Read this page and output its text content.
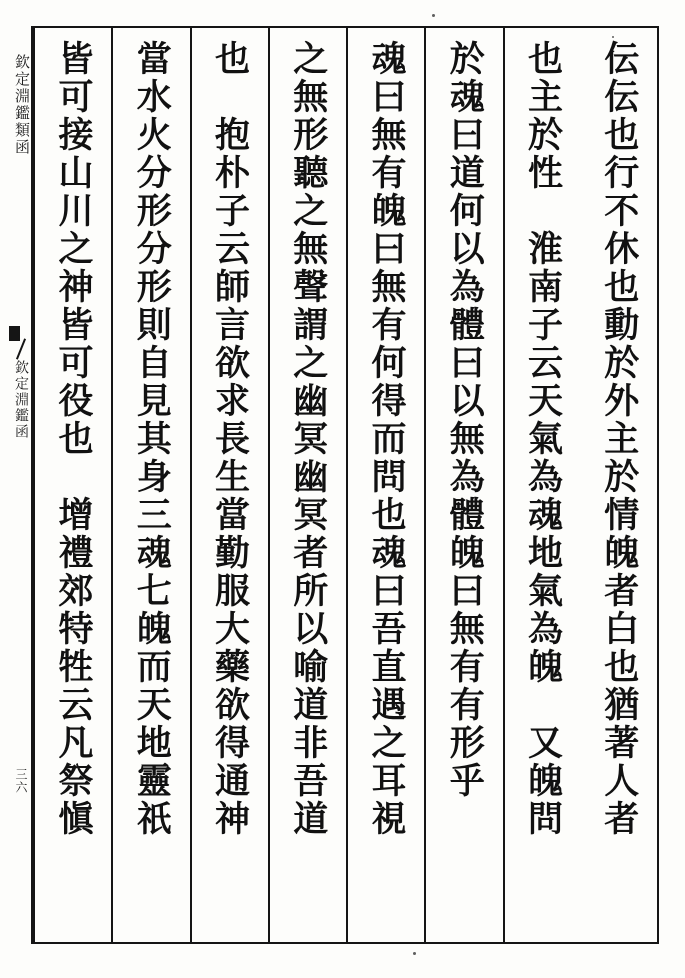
欽定淵鑑類函
欽定淵鑑函
三六	伝伝也行不休也動於外主於情魄者白也猶著人者
也主於性　淮南子云天氣為魂地氣為魄　又魄問
於魂曰道何以為體曰以無為體魄曰無有有形乎
魂曰無有魄曰無有何得而問也魂曰吾直遇之耳視
之無形聽之無聲謂之幽冥幽冥者所以喻道非吾道
也　抱朴子云師言欲求長生當勤服大藥欲得通神
當水火分形分形則自見其身三魂七魄而天地靈祇
皆可接山川之神皆可役也　增禮郊特牲云凡祭愼
